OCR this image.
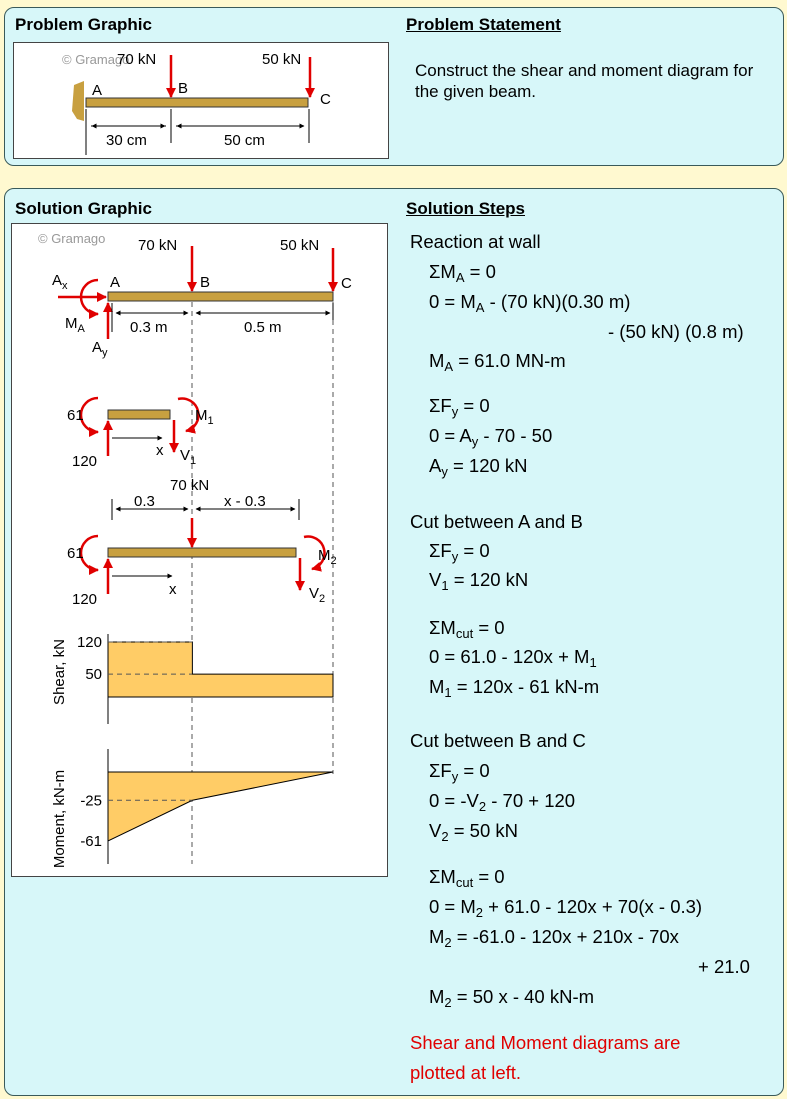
Problem Graphic	Problem Statement
© Gramago
70 kN	50 kN
A	B
C
30 cm	50 cm
Construct the shear and moment diagram for the given beam.
Solution Graphic	Solution Steps
© Gramago 70 kN	50 kN
A	B	C
$A_x$
$M_A$
$A_y$
0.3 m	0.5 m
61
120
x
$M_1$
$V_1$
70 kN
0.3	x - 0.3
61
120
x
$M_2$
$V_2$
120
50
Shear, kN
-25
-61
Moment, kN-m
Reaction at wall
$\Sigma M_A = 0$
$0 = M_A - (70$ kN)(0.30 m)
- (50 kN) (0.8 m)
$M_A = 61.0$ MN-m
$\Sigma F_y = 0$
$0 = A_y - 70 - 50$
$A_y = 120$ kN
Cut between A and B
$\Sigma F_y = 0$
$V_1 = 120$ kN
$\Sigma M_{cut} = 0$
$0 = 61.0 - 120x + M_1$
$M_1 = 120x - 61$ kN-m
Cut between B and C
$\Sigma F_y = 0$
$0 = -V_2 - 70 + 120$
$V_2 = 50$ kN
$\Sigma M_{cut} = 0$
$0 = M_2 + 61.0 - 120x + 70(x - 0.3)$
$M_2 = -61.0 - 120x + 210x - 70x$
+ 21.0
$M_2 = 50$ x - 40 kN-m
Shear and Moment diagrams are
plotted at left.
